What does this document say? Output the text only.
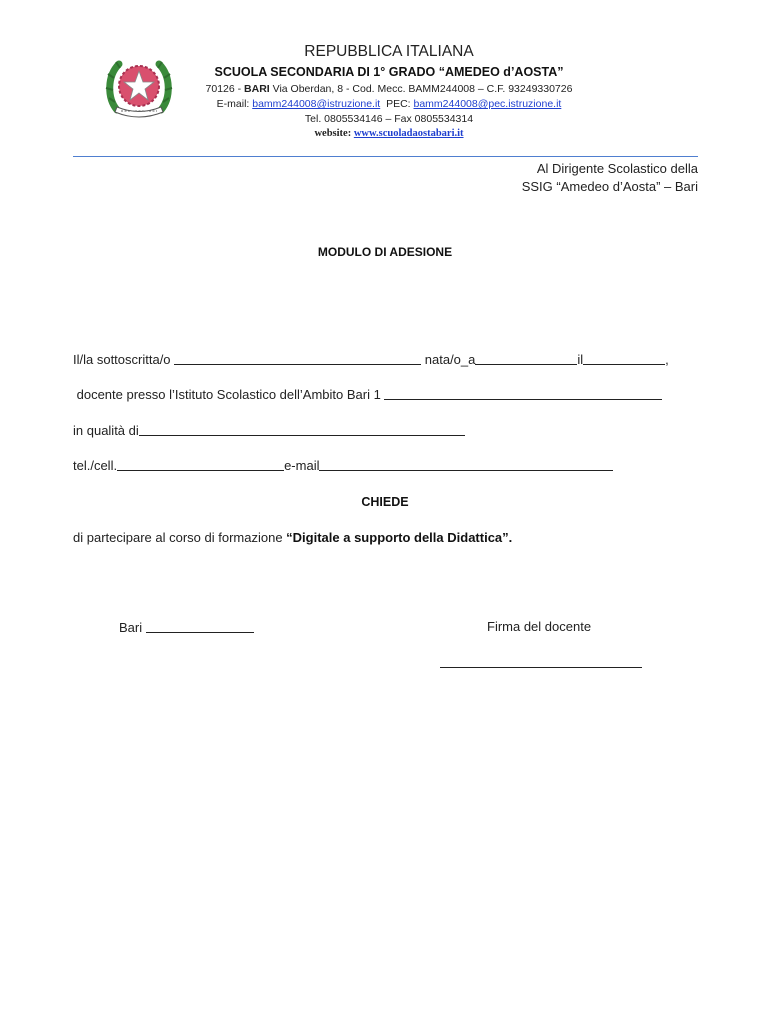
REPUBBLICA ITALIANA
SCUOLA SECONDARIA DI 1° GRADO “AMEDEO d’AOSTA”
70126 - BARI Via Oberdan, 8 - Cod. Mecc. BAMM244008 – C.F. 93249330726
E-mail: bamm244008@istruzione.it  PEC: bamm244008@pec.istruzione.it
Tel. 0805534146 – Fax 0805534314
website: www.scuoladaostabari.it
Al Dirigente Scolastico della
SSIG “Amedeo d’Aosta” – Bari
MODULO DI ADESIONE
Il/la sottoscritta/o	nata/o_a	il	,
docente presso l’Istituto Scolastico dell’Ambito Bari 1
in qualità di
tel./cell.	e-mail
CHIEDE
di partecipare al corso di formazione “Digitale a supporto della Didattica”.
Bari	Firma del docente
